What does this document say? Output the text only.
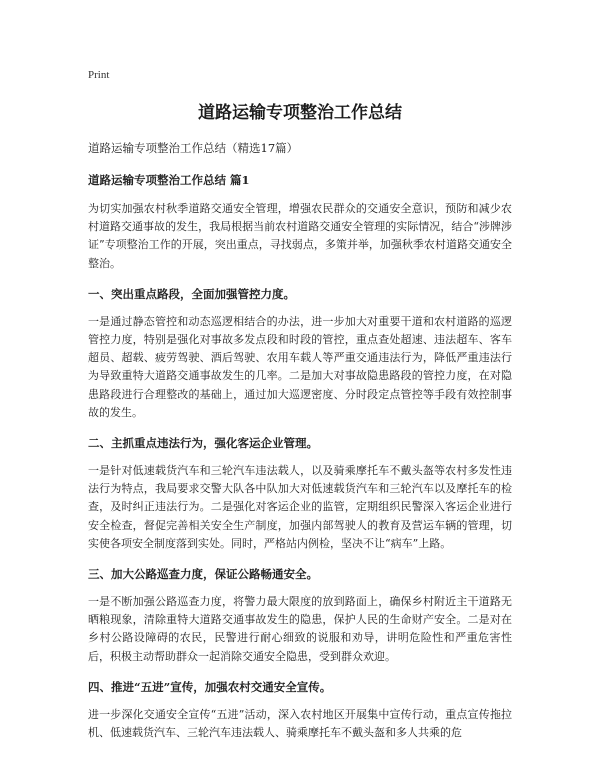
Print
道路运输专项整治工作总结

道路运输专项整治工作总结（精选17篇）

道路运输专项整治工作总结 篇1

为切实加强农村秋季道路交通安全管理，增强农民群众的交通安全意识，预防和减少农村道路交通事故的发生，我局根据当前农村道路交通安全管理的实际情况，结合“涉牌涉证”专项整治工作的开展，突出重点，寻找弱点，多策并举，加强秋季农村道路交通安全整治。

一、突出重点路段，全面加强管控力度。

一是通过静态管控和动态巡逻相结合的办法，进一步加大对重要干道和农村道路的巡逻管控力度，特别是强化对事故多发点段和时段的管控，重点查处超速、违法超车、客车超员、超载、疲劳驾驶、酒后驾驶、农用车载人等严重交通违法行为，降低严重违法行为导致重特大道路交通事故发生的几率。二是加大对事故隐患路段的管控力度，在对隐患路段进行合理整改的基础上，通过加大巡逻密度、分时段定点管控等手段有效控制事故的发生。

二、主抓重点违法行为，强化客运企业管理。

一是针对低速载货汽车和三轮汽车违法载人，以及骑乘摩托车不戴头盔等农村多发性违法行为特点，我局要求交警大队各中队加大对低速载货汽车和三轮汽车以及摩托车的检查，及时纠正违法行为。二是强化对客运企业的监管，定期组织民警深入客运企业进行安全检查，督促完善相关安全生产制度，加强内部驾驶人的教育及营运车辆的管理，切实使各项安全制度落到实处。同时，严格站内例检，坚决不让“病车”上路。

三、加大公路巡查力度，保证公路畅通安全。

一是不断加强公路巡查力度，将警力最大限度的放到路面上，确保乡村附近主干道路无晒粮现象，清除重特大道路交通事故发生的隐患，保护人民的生命财产安全。二是对在乡村公路设障碍的农民，民警进行耐心细致的说服和劝导，讲明危险性和严重危害性后，积极主动帮助群众一起消除交通安全隐患，受到群众欢迎。

四、推进“五进”宣传，加强农村交通安全宣传。

进一步深化交通安全宣传“五进”活动，深入农村地区开展集中宣传行动，重点宣传拖拉机、低速载货汽车、三轮汽车违法载人、骑乘摩托车不戴头盔和多人共乘的危
